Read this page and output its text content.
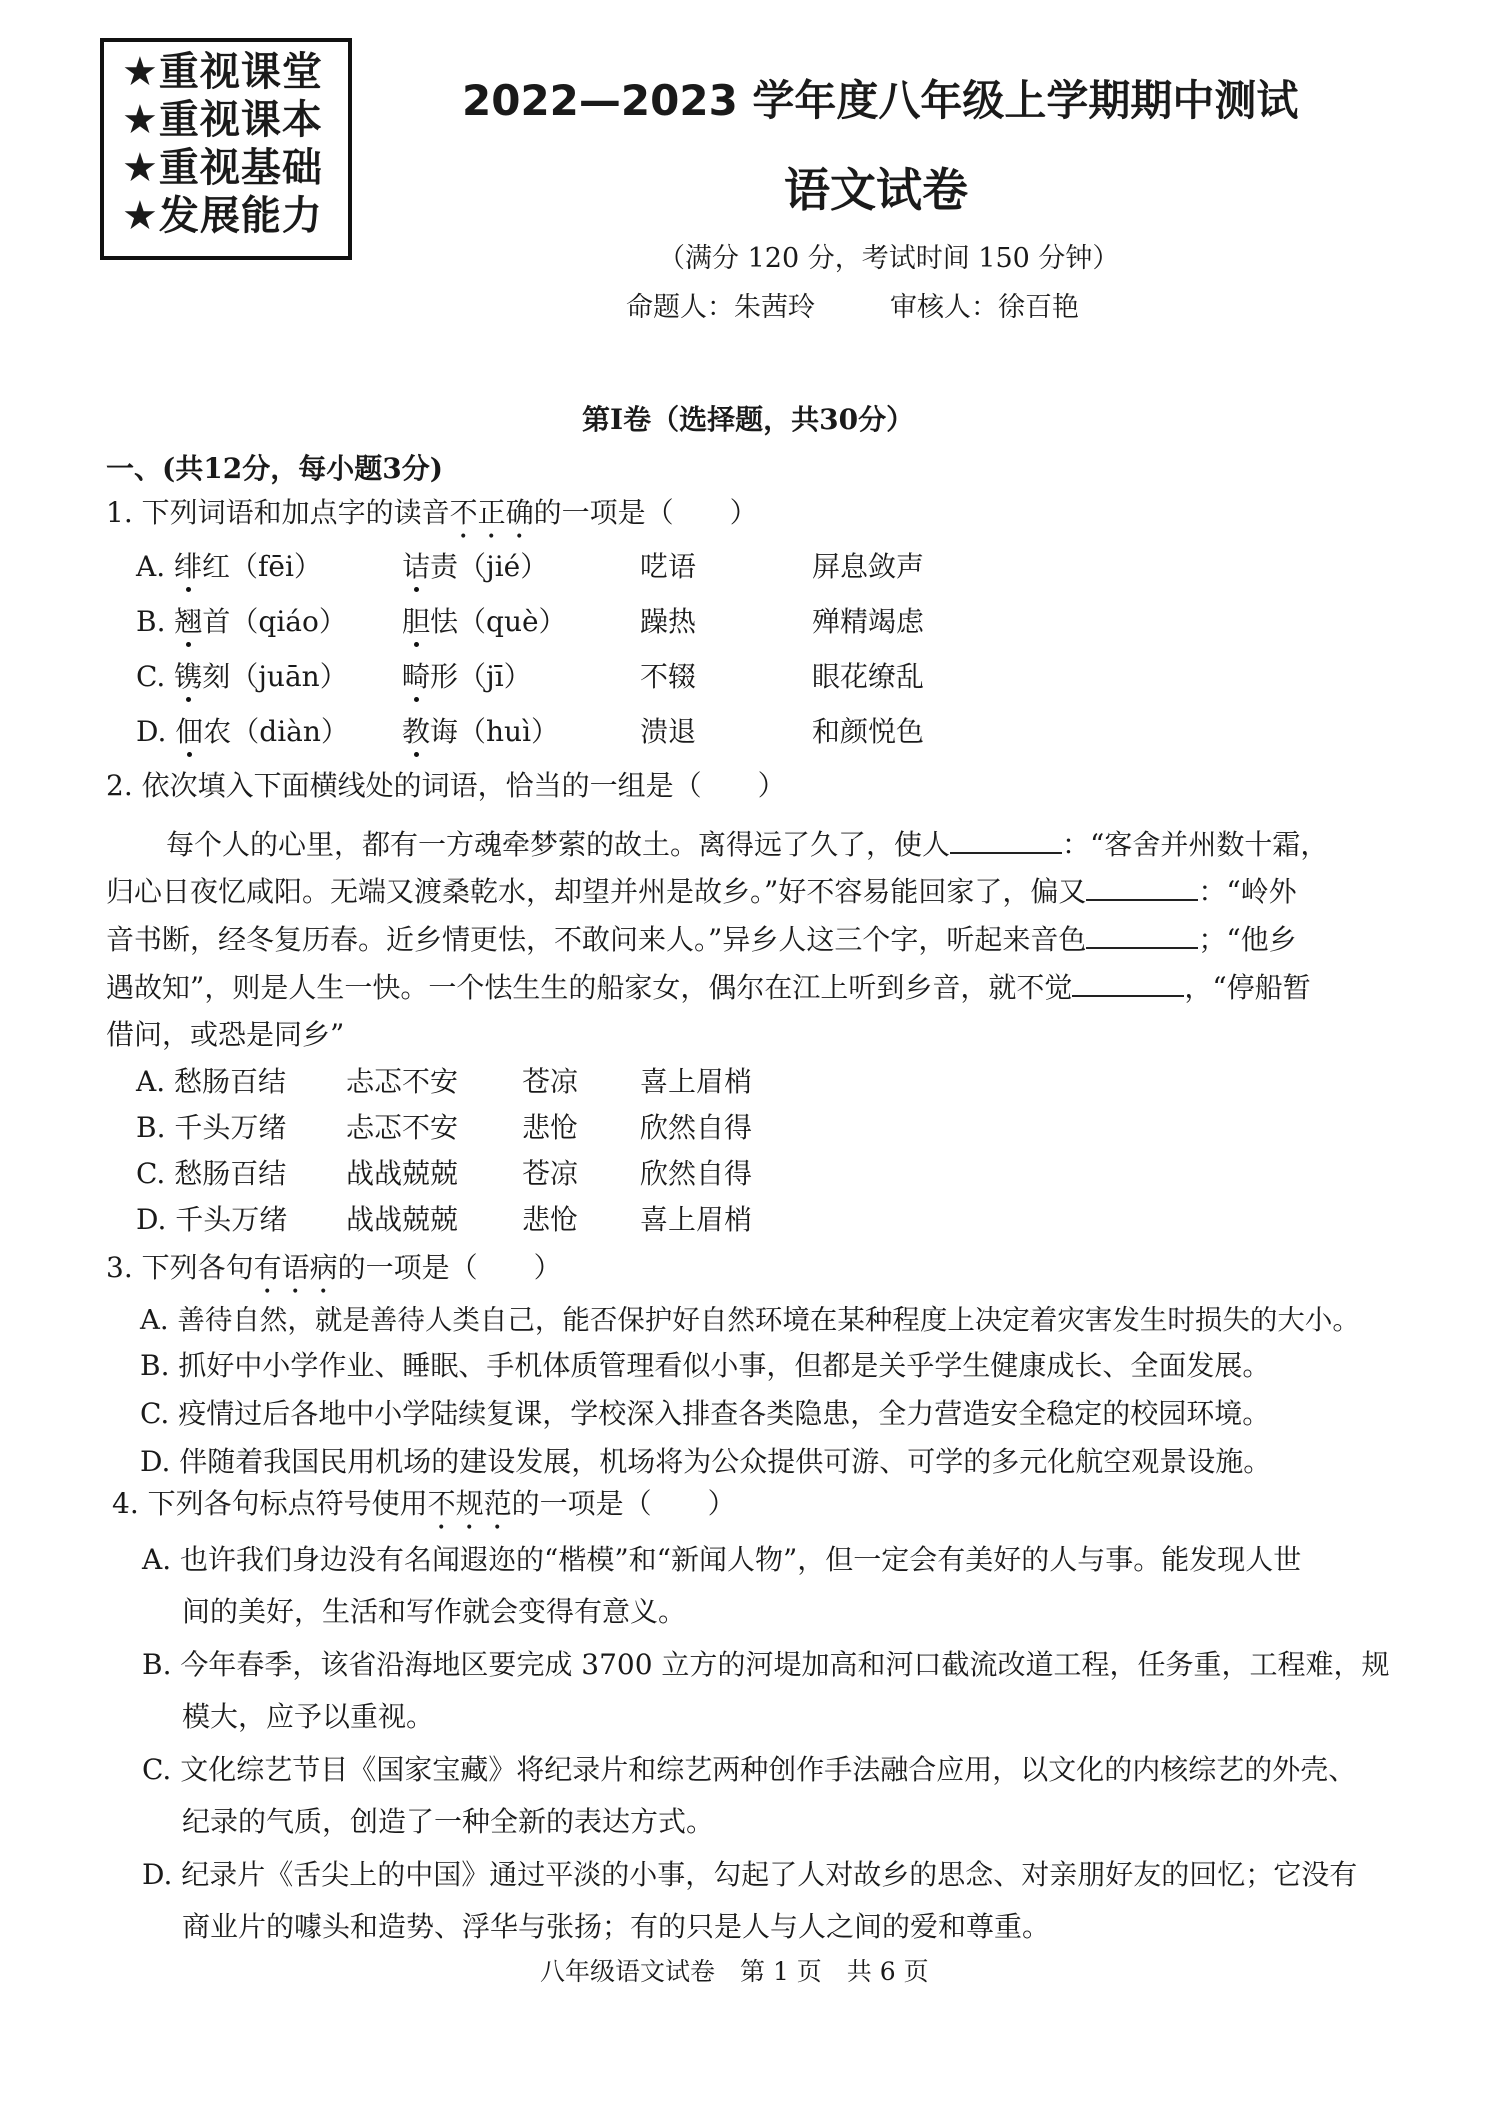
★重视课堂
★重视课本
★重视基础
★发展能力
2022—2023 学年度八年级上学期期中测试
语文试卷
（满分 120 分，考试时间 150 分钟）
命题人：朱茜玲	审核人：徐百艳
第Ⅰ卷（选择题，共30分）
一、(共12分，每小题3分)
1. 下列词语和加点字的读音不正确的一项是（　　）
A. 绯红（fēi）	诘责（jié）	呓语	屏息敛声
B. 翘首（qiáo） 胆怯（què）	躁热	殚精竭虑
C. 镌刻（juān） 畸形（jī）	不辍	眼花缭乱
D. 佃农（diàn） 教诲（huì）	溃退	和颜悦色
2. 依次填入下面横线处的词语，恰当的一组是（　　）
每个人的心里，都有一方魂牵梦萦的故土。离得远了久了，使人	：“客舍并州数十霜，
归心日夜忆咸阳。无端又渡桑乾水，却望并州是故乡。”好不容易能回家了，偏又	：“岭外
音书断，经冬复历春。近乡情更怯，不敢问来人。”异乡人这三个字，听起来音色	；“他乡
遇故知”，则是人生一快。一个怯生生的船家女，偶尔在江上听到乡音，就不觉	，“停船暂
借问，或恐是同乡”
A. 愁肠百结 忐忑不安 苍凉 喜上眉梢
B. 千头万绪 忐忑不安 悲怆 欣然自得
C. 愁肠百结 战战兢兢 苍凉 欣然自得
D. 千头万绪 战战兢兢 悲怆 喜上眉梢
3. 下列各句有语病的一项是（　　）
A. 善待自然，就是善待人类自己，能否保护好自然环境在某种程度上决定着灾害发生时损失的大小。
B. 抓好中小学作业、睡眠、手机体质管理看似小事，但都是关乎学生健康成长、全面发展。
C. 疫情过后各地中小学陆续复课，学校深入排查各类隐患，全力营造安全稳定的校园环境。
D. 伴随着我国民用机场的建设发展，机场将为公众提供可游、可学的多元化航空观景设施。
4. 下列各句标点符号使用不规范的一项是（　　）
A. 也许我们身边没有名闻遐迩的“楷模”和“新闻人物”，但一定会有美好的人与事。能发现人世
间的美好，生活和写作就会变得有意义。
B. 今年春季，该省沿海地区要完成 3700 立方的河堤加高和河口截流改道工程，任务重，工程难，规
模大，应予以重视。
C. 文化综艺节目《国家宝藏》将纪录片和综艺两种创作手法融合应用，以文化的内核综艺的外壳、
纪录的气质，创造了一种全新的表达方式。
D. 纪录片《舌尖上的中国》通过平淡的小事，勾起了人对故乡的思念、对亲朋好友的回忆；它没有
商业片的噱头和造势、浮华与张扬；有的只是人与人之间的爱和尊重。
八年级语文试卷　第 1 页　共 6 页
